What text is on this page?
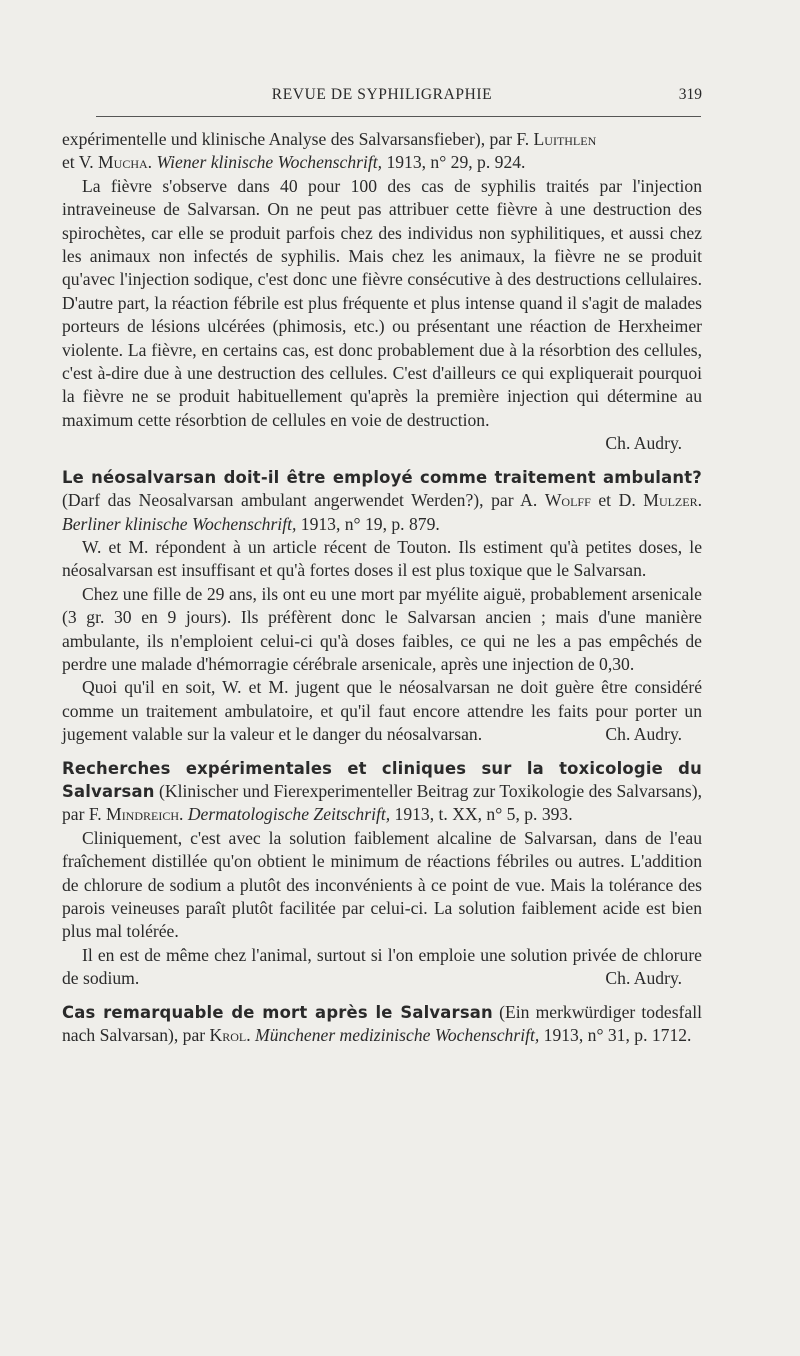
REVUE DE SYPHILIGRAPHIE	319

expérimentelle und klinische Analyse des Salvarsansfieber), par F. Luithlen
et V. Mucha. Wiener klinische Wochenschrift, 1913, n° 29, p. 924.

La fièvre s'observe dans 40 pour 100 des cas de syphilis traités par l'injection intraveineuse de Salvarsan. On ne peut pas attribuer cette fièvre à une destruction des spirochètes, car elle se produit parfois chez des individus non syphilitiques, et aussi chez les animaux non infectés de syphilis. Mais chez les animaux, la fièvre ne se produit qu'avec l'injection sodique, c'est donc une fièvre consécutive à des destructions cellulaires. D'autre part, la réaction fébrile est plus fréquente et plus intense quand il s'agit de malades porteurs de lésions ulcérées (phimosis, etc.) ou présentant une réaction de Herxheimer violente. La fièvre, en certains cas, est donc probablement due à la résorbtion des cellules, c'est à-dire due à une destruction des cellules. C'est d'ailleurs ce qui expliquerait pourquoi la fièvre ne se produit habituellement qu'après la première injection qui détermine au maximum cette résorbtion de cellules en voie de destruction.

Ch. Audry.

Le néosalvarsan doit-il être employé comme traitement ambulant? (Darf das Neosalvarsan ambulant angerwendet Werden?), par A. Wolff et D. Mulzer. Berliner klinische Wochenschrift, 1913, n° 19, p. 879.

W. et M. répondent à un article récent de Touton. Ils estiment qu'à petites doses, le néosalvarsan est insuffisant et qu'à fortes doses il est plus toxique que le Salvarsan.

Chez une fille de 29 ans, ils ont eu une mort par myélite aiguë, probablement arsenicale (3 gr. 30 en 9 jours). Ils préfèrent donc le Salvarsan ancien ; mais d'une manière ambulante, ils n'emploient celui-ci qu'à doses faibles, ce qui ne les a pas empêchés de perdre une malade d'hémorragie cérébrale arsenicale, après une injection de 0,30.

Quoi qu'il en soit, W. et M. jugent que le néosalvarsan ne doit guère être considéré comme un traitement ambulatoire, et qu'il faut encore attendre les faits pour porter un jugement valable sur la valeur et le danger du néosalvarsan.	Ch. Audry.

Recherches expérimentales et cliniques sur la toxicologie du Salvarsan (Klinischer und Fierexperimenteller Beitrag zur Toxikologie des Salvarsans), par F. Mindreich. Dermatologische Zeitschrift, 1913, t. XX, n° 5, p. 393.

Cliniquement, c'est avec la solution faiblement alcaline de Salvarsan, dans de l'eau fraîchement distillée qu'on obtient le minimum de réactions fébriles ou autres. L'addition de chlorure de sodium a plutôt des inconvénients à ce point de vue. Mais la tolérance des parois veineuses paraît plutôt facilitée par celui-ci. La solution faiblement acide est bien plus mal tolérée.

Il en est de même chez l'animal, surtout si l'on emploie une solution privée de chlorure de sodium.	Ch. Audry.

Cas remarquable de mort après le Salvarsan (Ein merkwürdiger todesfall nach Salvarsan), par Krol. Münchener medizinische Wochenschrift, 1913, n° 31, p. 1712.
